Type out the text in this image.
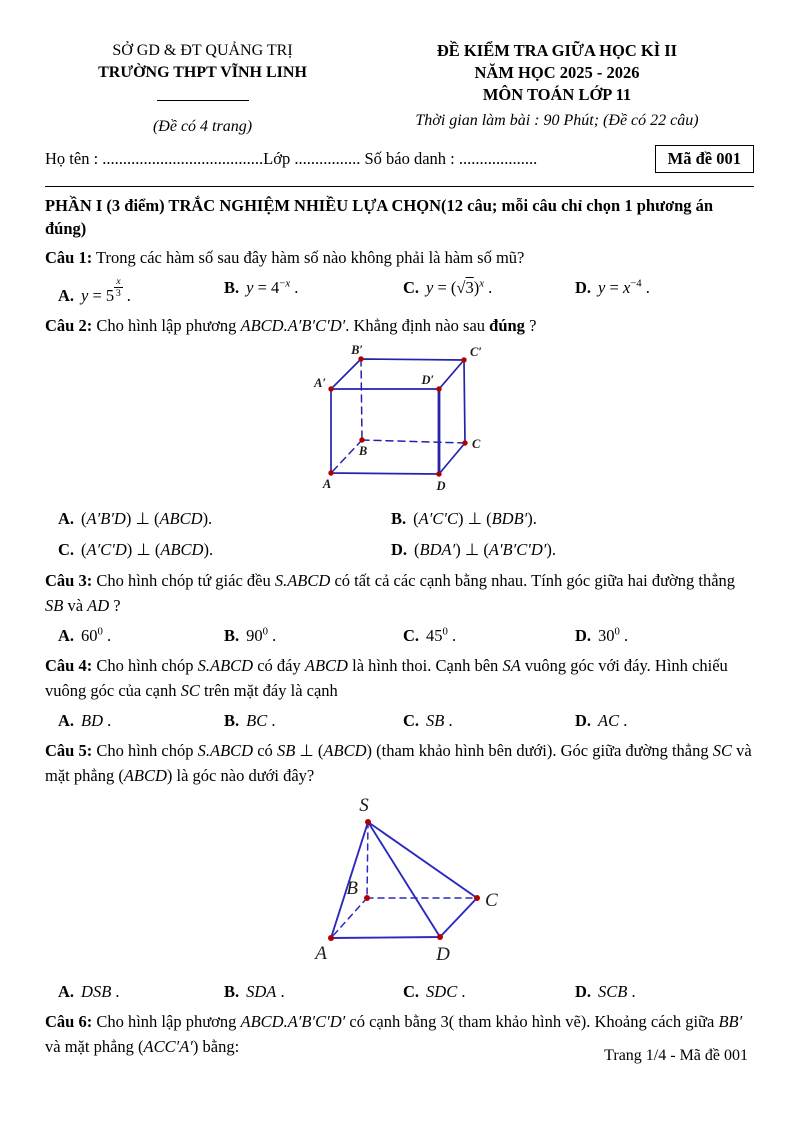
SỞ GD & ĐT QUẢNG TRỊ
TRƯỜNG THPT VĨNH LINH
(Đề có 4 trang)
ĐỀ KIỂM TRA GIỮA HỌC KÌ II
NĂM HỌC 2025 - 2026
MÔN TOÁN LỚP 11
Thời gian làm bài : 90 Phút; (Đề có 22 câu)
Họ tên : .......................................Lớp ................ Số báo danh : ...................	Mã đề 001
PHẦN I (3 điểm) TRẮC NGHIỆM NHIỀU LỰA CHỌN(12 câu; mỗi câu chỉ chọn 1 phương án đúng)
Câu 1: Trong các hàm số sau đây hàm số nào không phải là hàm số mũ?
A. $y = 5 \frac{x}{3}$ .	B. $y = 4^{-x}$ .	C. $y = (√3)^x$ .	D. $y = x^{-4}$ .
Câu 2: Cho hình lập phương ABCD.A′B′C′D′. Khẳng định nào sau đúng ?
B′	C′
A′	D′
B	C
A	D
A. (A′B′D) ⊥ (ABCD).	B. (A′C′C) ⊥ (BDB′).
C. (A′C′D) ⊥ (ABCD).	D. (BDA′) ⊥ (A′B′C′D′).
Câu 3: Cho hình chóp tứ giác đều S.ABCD có tất cả các cạnh bằng nhau. Tính góc giữa hai đường thẳng SB và AD ?
A. $60^0$ .	B. $90^0$ .	C. $45^0$ .	D. $30^0$ .
Câu 4: Cho hình chóp S.ABCD có đáy ABCD là hình thoi. Cạnh bên SA vuông góc với đáy. Hình chiếu vuông góc của cạnh SC trên mặt đáy là cạnh
A. BD .	B. BC .	C. SB .	D. AC .
Câu 5: Cho hình chóp S.ABCD có SB ⊥ (ABCD) (tham khảo hình bên dưới). Góc giữa đường thẳng SC và mặt phẳng (ABCD) là góc nào dưới đây?
S
B
A	D
C
A. DSB .	B. SDA .	C. SDC .	D. SCB .
Câu 6: Cho hình lập phương ABCD.A′B′C′D′ có cạnh bằng 3( tham khảo hình vẽ). Khoảng cách giữa BB′ và mặt phẳng (ACC′A′) bằng:	Trang 1/4 - Mã đề 001
